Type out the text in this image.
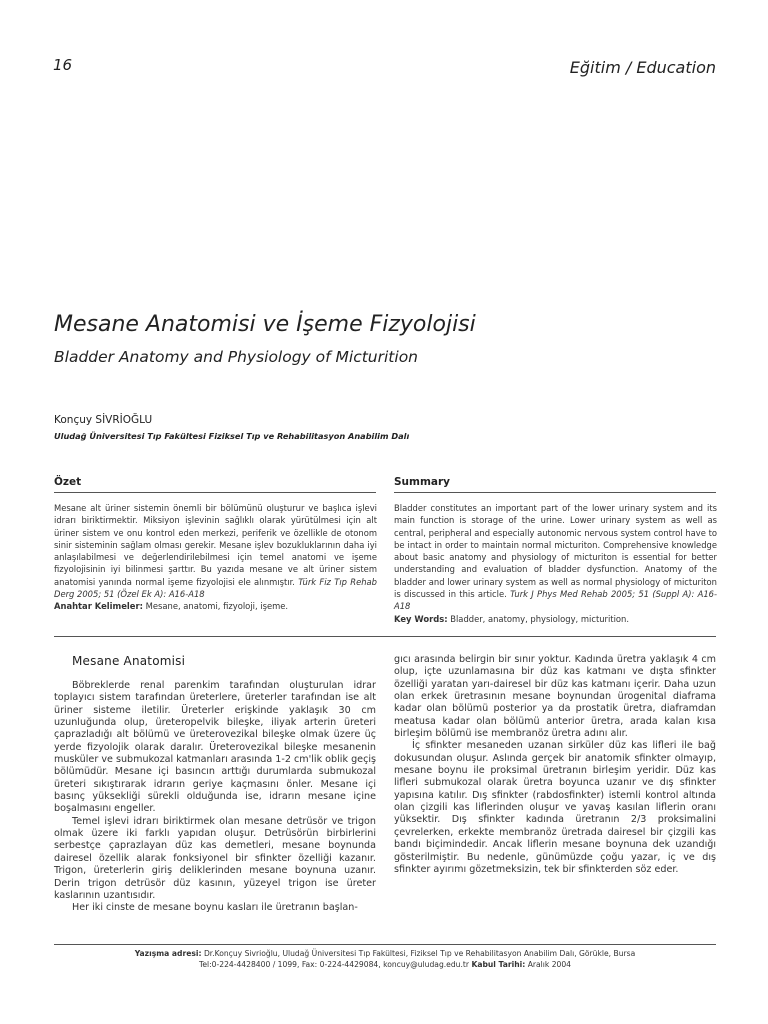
16	Eğitim / Education
Mesane Anatomisi ve İşeme Fizyolojisi
Bladder Anatomy and Physiology of Micturition
Konçuy SİVRİOĞLU
Uludağ Üniversitesi Tıp Fakültesi Fiziksel Tıp ve Rehabilitasyon Anabilim Dalı
Özet	Summary
Mesane alt üriner sistemin önemli bir bölümünü oluşturur ve başlıca işlevi idrarı biriktirmektir. Miksiyon işlevinin sağlıklı olarak yürütülmesi için alt üriner sistem ve onu kontrol eden merkezi, periferik ve özellikle de otonom sinir sisteminin sağlam olması gerekir. Mesane işlev bozukluklarının daha iyi anlaşılabilmesi ve değerlendirilebilmesi için temel anatomi ve işeme fizyolojisinin iyi bilinmesi şarttır. Bu yazıda mesane ve alt üriner sistem anatomisi yanında normal işeme fizyolojisi ele alınmıştır. Türk Fiz Tıp Rehab Derg 2005; 51 (Özel Ek A): A16-A18
Anahtar Kelimeler: Mesane, anatomi, fizyoloji, işeme.
Bladder constitutes an important part of the lower urinary system and its main function is storage of the urine. Lower urinary system as well as central, peripheral and especially autonomic nervous system control have to be intact in order to maintain normal micturiton. Comprehensive knowledge about basic anatomy and physiology of micturiton is essential for better understanding and evaluation of bladder dysfunction. Anatomy of the bladder and lower urinary system as well as normal physiology of micturiton is discussed in this article. Turk J Phys Med Rehab 2005; 51 (Suppl A): A16-A18
Key Words: Bladder, anatomy, physiology, micturition.
Mesane Anatomisi

Böbreklerde renal parenkim tarafından oluşturulan idrar toplayıcı sistem tarafından üreterlere, üreterler tarafından ise alt üriner sisteme iletilir. Üreterler erişkinde yaklaşık 30 cm uzunluğunda olup, üreteropelvik bileşke, iliyak arterin üreteri çaprazladığı alt bölümü ve üreterovezikal bileşke olmak üzere üç yerde fizyolojik olarak daralır. Üreterovezikal bileşke mesanenin musküler ve submukozal katmanları arasında 1-2 cm'lik oblik geçiş bölümüdür. Mesane içi basıncın arttığı durumlarda submukozal üreteri sıkıştırarak idrarın geriye kaçmasını önler. Mesane içi basınç yüksekliği sürekli olduğunda ise, idrarın mesane içine boşalmasını engeller.

Temel işlevi idrarı biriktirmek olan mesane detrüsör ve trigon olmak üzere iki farklı yapıdan oluşur. Detrüsörün birbirlerini serbestçe çaprazlayan düz kas demetleri, mesane boynunda dairesel özellik alarak fonksiyonel bir sfinkter özelliği kazanır. Trigon, üreterlerin giriş deliklerinden mesane boynuna uzanır. Derin trigon detrüsör düz kasının, yüzeyel trigon ise üreter kaslarının uzantısıdır.

Her iki cinste de mesane boynu kasları ile üretranın başlan-

gıcı arasında belirgin bir sınır yoktur. Kadında üretra yaklaşık 4 cm olup, içte uzunlamasına bir düz kas katmanı ve dışta sfinkter özelliği yaratan yarı-dairesel bir düz kas katmanı içerir. Daha uzun olan erkek üretrasının mesane boynundan ürogenital diaframa kadar olan bölümü posterior ya da prostatik üretra, diaframdan meatusa kadar olan bölümü anterior üretra, arada kalan kısa birleşim bölümü ise membranöz üretra adını alır.

İç sfinkter mesaneden uzanan sirküler düz kas lifleri ile bağ dokusundan oluşur. Aslında gerçek bir anatomik sfinkter olmayıp, mesane boynu ile proksimal üretranın birleşim yeridir. Düz kas lifleri submukozal olarak üretra boyunca uzanır ve dış sfinkter yapısına katılır. Dış sfinkter (rabdosfinkter) istemli kontrol altında olan çizgili kas liflerinden oluşur ve yavaş kasılan liflerin oranı yüksektir. Dış sfinkter kadında üretranın 2/3 proksimalini çevrelerken, erkekte membranöz üretrada dairesel bir çizgili kas bandı biçimindedir. Ancak liflerin mesane boynuna dek uzandığı gösterilmiştir. Bu nedenle, günümüzde çoğu yazar, iç ve dış sfinkter ayırımı gözetmeksizin, tek bir sfinkterden söz eder.

Yazışma adresi: Dr.Konçuy Sivrioğlu, Uludağ Üniversitesi Tıp Fakültesi, Fiziksel Tıp ve Rehabilitasyon Anabilim Dalı, Görükle, Bursa
Tel:0-224-4428400 / 1099, Fax: 0-224-4429084, koncuy@uludag.edu.tr Kabul Tarihi: Aralık 2004
